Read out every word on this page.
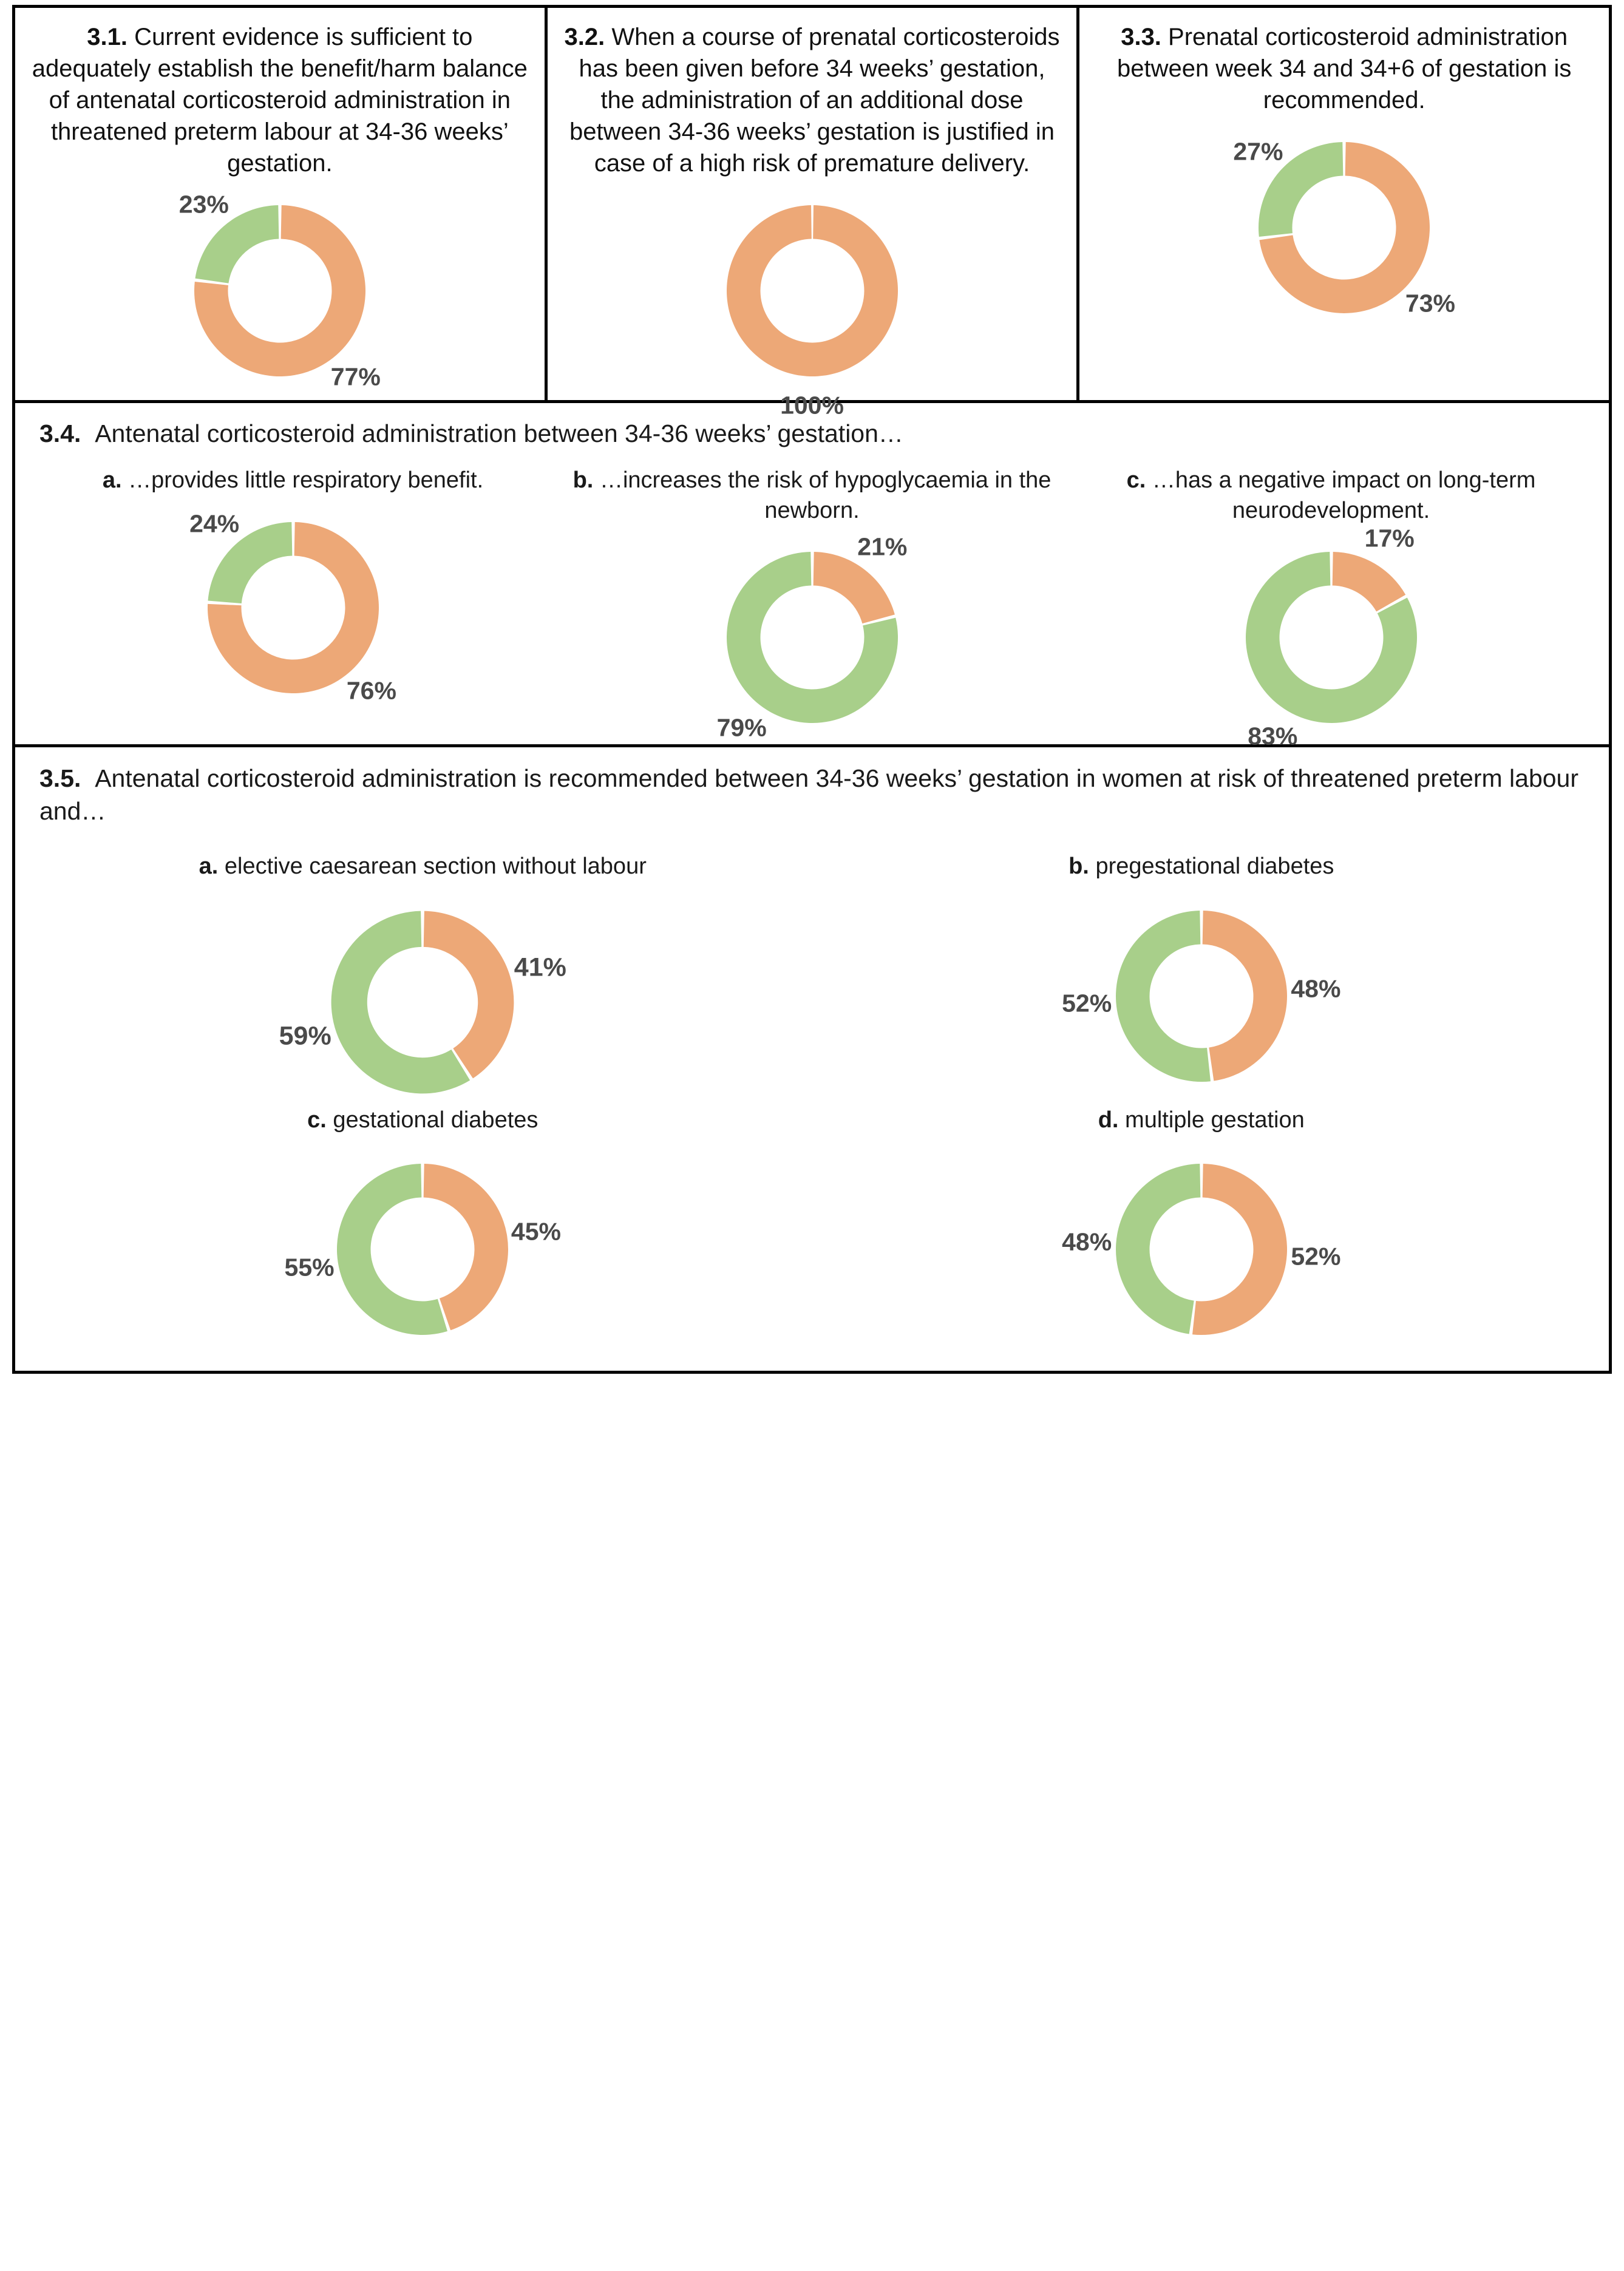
3.1. Current evidence is sufficient to adequately establish the benefit/harm balance of antenatal corticosteroid administration in threatened preterm labour at 34-36 weeks’ gestation.
77%
23%
3.2. When a course of prenatal corticosteroids has been given before 34 weeks’ gestation, the administration of an additional dose between 34-36 weeks’ gestation is justified in case of a high risk of premature delivery.
100%
3.3. Prenatal corticosteroid administration between week 34 and 34+6 of gestation is recommended.
73%
27%
3.4. Antenatal corticosteroid administration between 34-36 weeks’ gestation…
a. …provides little respiratory benefit.
76%
24%
b. …increases the risk of hypoglycaemia in the newborn.
21%
79%
c. …has a negative impact on long-term neurodevelopment.
17%
83%
3.5. Antenatal corticosteroid administration is recommended between 34-36 weeks’ gestation in women at risk of threatened preterm labour and…
a. elective caesarean section without labour
41%
59%
b. pregestational diabetes
48%
52%
c. gestational diabetes
45%
55%
d. multiple gestation
52%
48%
